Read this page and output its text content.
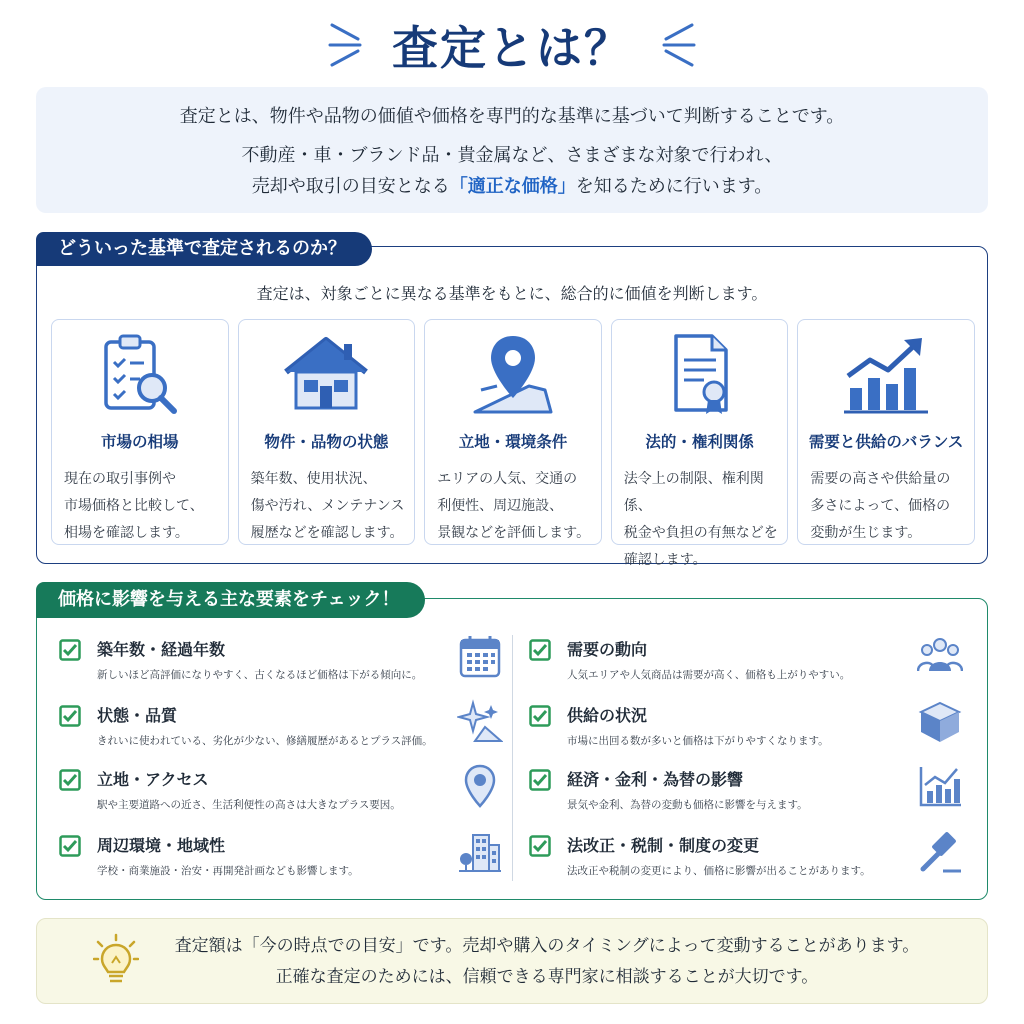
査定とは？

査定とは、物件や品物の価値や価格を専門的な基準に基づいて判断することです。

不動産・車・ブランド品・貴金属など、さまざまな対象で行われ、

売却や取引の目安となる「適正な価格」を知るために行います。

どういった基準で査定されるのか？
査定は、対象ごとに異なる基準をもとに、総合的に価値を判断します。
市場の相場
現在の取引事例や
市場価格と比較して、
相場を確認します。
物件・品物の状態
築年数、使用状況、
傷や汚れ、メンテナンス
履歴などを確認します。
立地・環境条件
エリアの人気、交通の
利便性、周辺施設、
景観などを評価します。
法的・権利関係
法令上の制限、権利関係、
税金や負担の有無などを
確認します。
需要と供給のバランス
需要の高さや供給量の
多さによって、価格の
変動が生じます。
価格に影響を与える主な要素をチェック！
築年数・経過年数
新しいほど高評価になりやすく、古くなるほど価格は下がる傾向に。
状態・品質
きれいに使われている、劣化が少ない、修繕履歴があるとプラス評価。
立地・アクセス
駅や主要道路への近さ、生活利便性の高さは大きなプラス要因。
周辺環境・地域性
学校・商業施設・治安・再開発計画なども影響します。
需要の動向
人気エリアや人気商品は需要が高く、価格も上がりやすい。
供給の状況
市場に出回る数が多いと価格は下がりやすくなります。
経済・金利・為替の影響
景気や金利、為替の変動も価格に影響を与えます。
法改正・税制・制度の変更
法改正や税制の変更により、価格に影響が出ることがあります。
査定額は「今の時点での目安」です。売却や購入のタイミングによって変動することがあります。
正確な査定のためには、信頼できる専門家に相談することが大切です。
